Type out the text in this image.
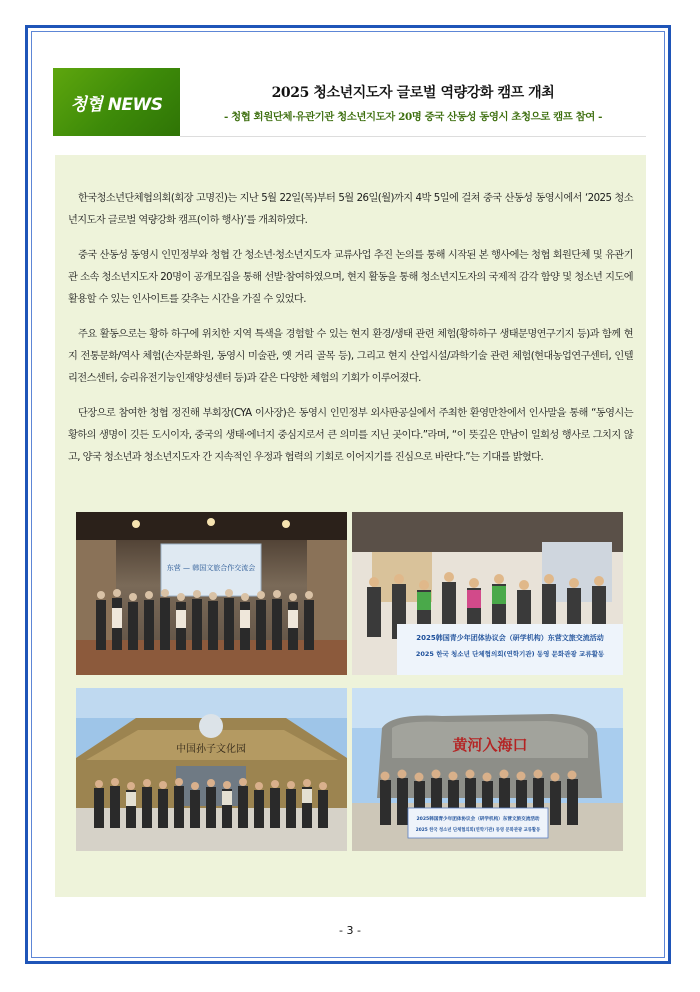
청협 NEWS
2025 청소년지도자 글로벌 역량강화 캠프 개최
- 청협 회원단체·유관기관 청소년지도자 20명 중국 산동성 동영시 초청으로 캠프 참여 -

한국청소년단체협의회(회장 고명진)는 지난 5월 22일(목)부터 5월 26일(월)까지 4박 5일에 걸쳐 중국 산동성 동영시에서 ‘2025 청소년지도자 글로벌 역량강화 캠프(이하 행사)’를 개최하였다.

중국 산동성 동영시 인민정부와 청협 간 청소년·청소년지도자 교류사업 추진 논의를 통해 시작된 본 행사에는 청협 회원단체 및 유관기관 소속 청소년지도자 20명이 공개모집을 통해 선발·참여하였으며, 현지 활동을 통해 청소년지도자의 국제적 감각 함양 및 청소년 지도에 활용할 수 있는 인사이트를 갖추는 시간을 가질 수 있었다.

주요 활동으로는 황하 하구에 위치한 지역 특색을 경험할 수 있는 현지 환경/생태 관련 체험(황하하구 생태문명연구기지 등)과 함께 현지 전통문화/역사 체험(손자문화원, 동영시 미술관, 옛 거리 골목 등), 그리고 현지 산업시설/과학기술 관련 체험(현대농업연구센터, 인텔리전스센터, 승리유전기능인재양성센터 등)과 같은 다양한 체험의 기회가 이루어졌다.

단장으로 참여한 청협 정진해 부회장(CYA 이사장)은 동영시 인민정부 외사판공실에서 주최한 환영만찬에서 인사말을 통해 “동영시는 황하의 생명이 깃든 도시이자, 중국의 생태·에너지 중심지로서 큰 의미를 지닌 곳이다.”라며, “이 뜻깊은 만남이 일회성 행사로 그치지 않고, 양국 청소년과 청소년지도자 간 지속적인 우정과 협력의 기회로 이어지기를 진심으로 바란다.”는 기대를 밝혔다.

东营 — 韩国文旅合作交流会
2025韩国青少年团体协议会（研学机构）东营文旅交流活动
2025 한국 청소년 단체협의회(연학기관) 동영 문화관광 교류활동
中国孙子文化园	黄河入海口
2025韩国青少年团体协议会（研学机构）东营文旅交流活动
2025 한국 청소년 단체협의회(연학기관) 동영 문화관광 교류활동
- 3 -
